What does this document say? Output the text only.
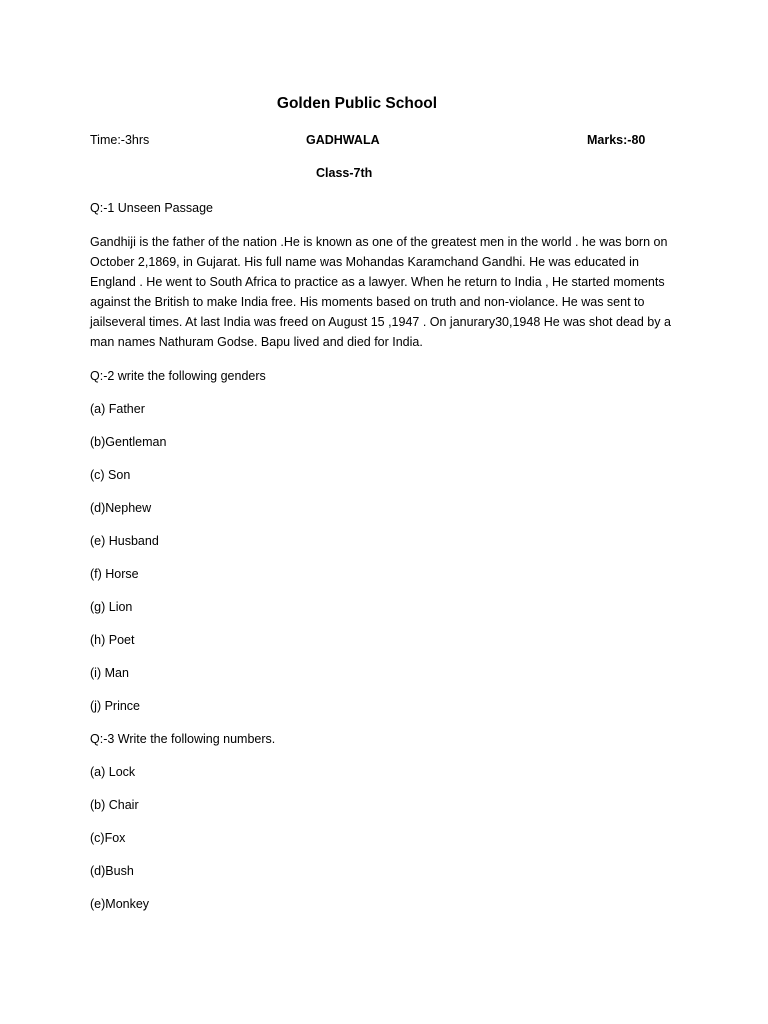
Golden Public School
Time:-3hrs	GADHWALA	Marks:-80
Class-7th
Q:-1 Unseen Passage
Gandhiji is the father of the nation .He is known as one of the greatest men in the world . he was born on October 2,1869, in Gujarat. His full name was Mohandas Karamchand Gandhi. He was educated in England . He went to South Africa to practice as a lawyer. When he return to India , He started moments against the British to make India free. His moments based on truth and non-violance. He was sent to jailseveral times. At last India was freed on August 15 ,1947 . On janurary30,1948 He was shot dead by a man names Nathuram Godse. Bapu lived and died for India.
Q:-2 write the following genders
(a) Father
(b)Gentleman
(c) Son
(d)Nephew
(e) Husband
(f) Horse
(g) Lion
(h) Poet
(i) Man
(j) Prince
Q:-3 Write the following numbers.
(a) Lock
(b) Chair
(c)Fox
(d)Bush
(e)Monkey
